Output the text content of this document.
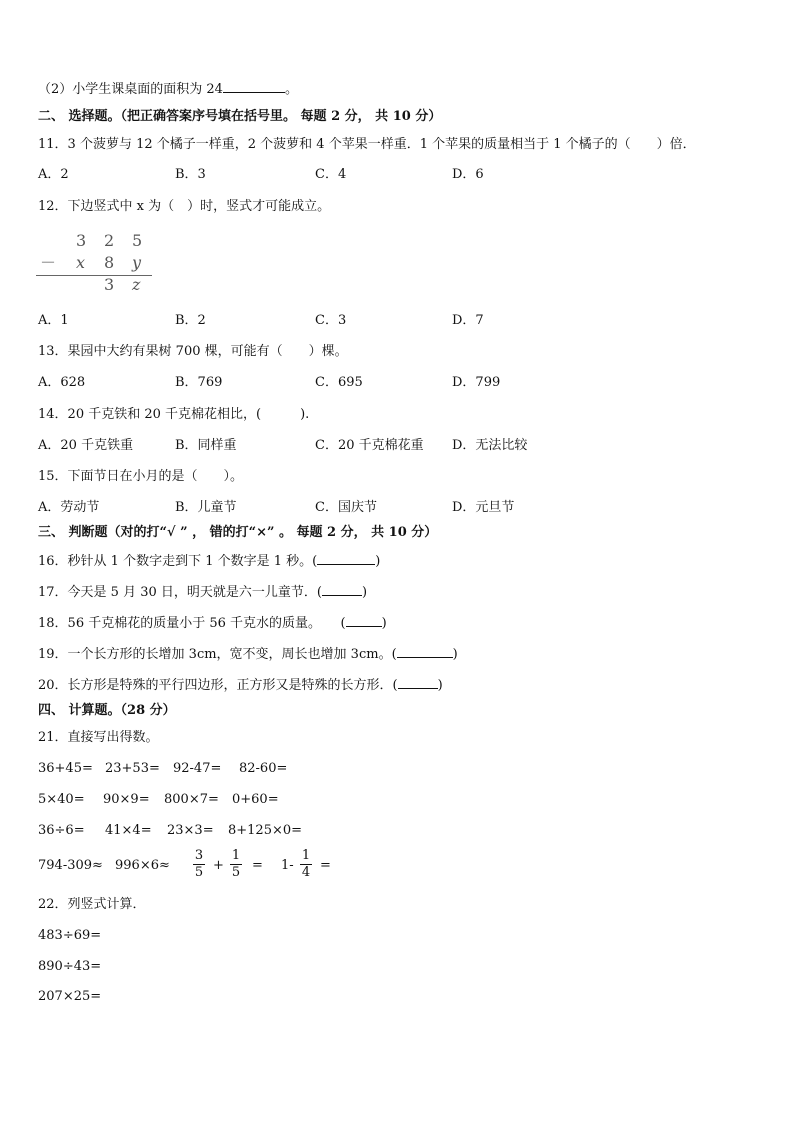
（2）小学生课桌面的面积为 24	。
二、 选择题。（把正确答案序号填在括号里。 每题 2 分， 共 10 分）
11．3 个菠萝与 12 个橘子一样重，2 个菠萝和 4 个苹果一样重．1 个苹果的质量相当于 1 个橘子的（　　）倍．
A．2	B．3	C．4	D．6
12．下边竖式中 x 为（　）时，竖式才可能成立。
3 2 5
－ x 8 y
3 z
A．1	B．2	C．3	D．7
13．果园中大约有果树 700 棵，可能有（　　）棵。
A．628	B．769	C．695	D．799
14．20 千克铁和 20 千克棉花相比，(　　　).
A．20 千克铁重	B．同样重	C．20 千克棉花重 D．无法比较
15．下面节日在小月的是（　　）。
A．劳动节	B．儿童节	C．国庆节	D．元旦节
三、 判断题（对的打“√ ” ， 错的打“×” 。 每题 2 分， 共 10 分）
16．秒针从 1 个数字走到下 1 个数字是 1 秒。(	)
17．今天是 5 月 30 日，明天就是六一儿童节．(	)
18．56 千克棉花的质量小于 56 千克水的质量。　　(	)
19．一个长方形的长增加 3cm，宽不变，周长也增加 3cm。(	)
20．长方形是特殊的平行四边形，正方形又是特殊的长方形．(	)
四、 计算题。（28 分）
21．直接写出得数。
36+45= 23+53= 92-47= 82-60=
5×40= 90×9= 800×7= 0+60=
36÷6= 41×4= 23×3= 8+125×0=
794-309≈ 996×6≈
3
5 +
1
5 = 1-
1
4 =
22．列竖式计算．
483÷69=
890÷43=
207×25=
